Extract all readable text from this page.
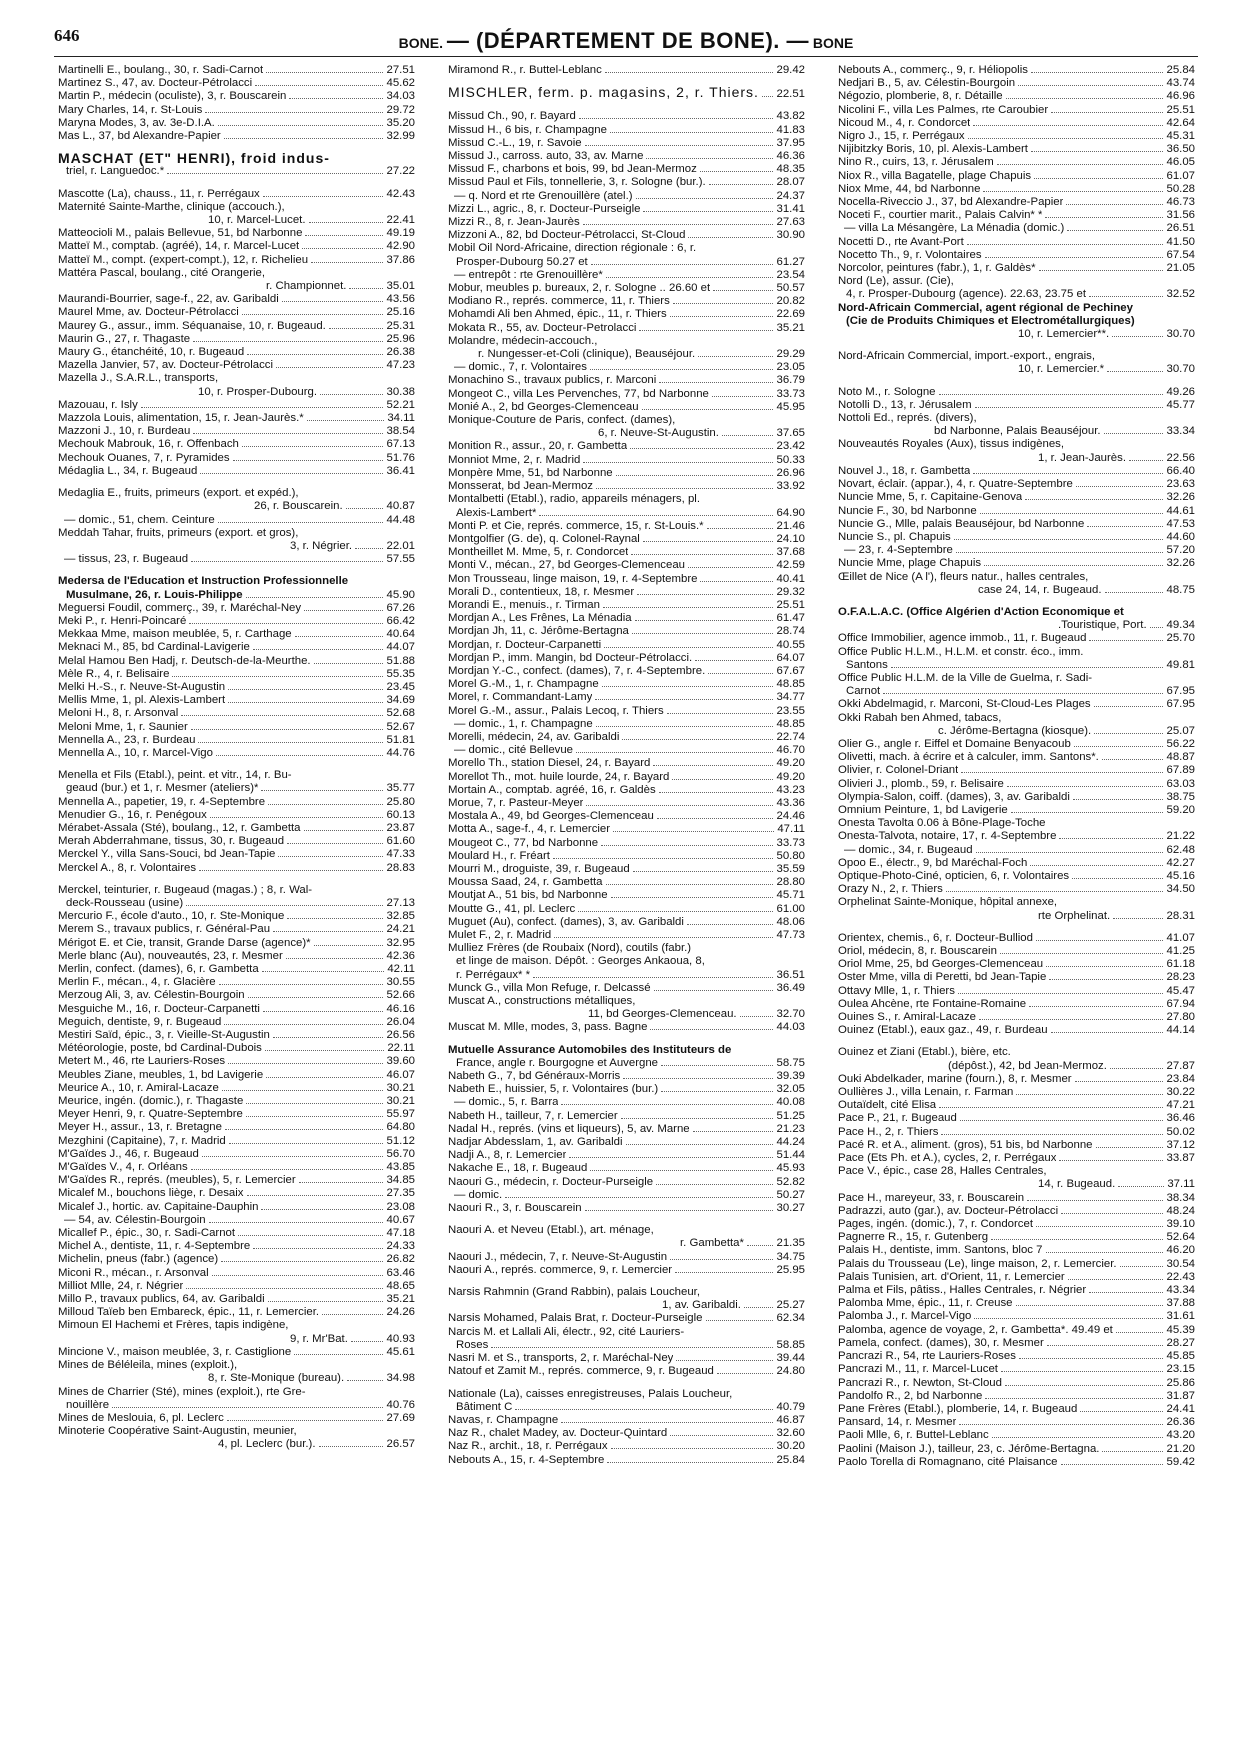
646	BONE. — (DÉPARTEMENT DE BONE). — BONE
Martinelli E., boulang., 30, r. Sadi-Carnot	27.51
Martinez S., 47, av. Docteur-Pétrolacci	45.62
Martin P., médecin (oculiste), 3, r. Bouscarein	34.03
Mary Charles, 14, r. St-Louis	29.72
Maryna Modes, 3, av. 3e-D.I.A.	35.20
Mas L., 37, bd Alexandre-Papier	32.99
MASCHAT (ET" HENRI), froid indus-
triel, r. Languedoc.*	27.22
Mascotte (La), chauss., 11, r. Perrégaux	42.43
Maternité Sainte-Marthe, clinique (accouch.),
10, r. Marcel-Lucet.	22.41
Matteocioli M., palais Bellevue, 51, bd Narbonne	49.19
Matteï M., comptab. (agréé), 14, r. Marcel-Lucet	42.90
Matteï M., compt. (expert-compt.), 12, r. Richelieu	37.86
Mattéra Pascal, boulang., cité Orangerie,
r. Championnet.	35.01
Maurandi-Bourrier, sage-f., 22, av. Garibaldi	43.56
Maurel Mme, av. Docteur-Pétrolacci	25.16
Maurey G., assur., imm. Séquanaise, 10, r. Bugeaud.	25.31
Maurin G., 27, r. Thagaste	25.96
Maury G., étanchéité, 10, r. Bugeaud	26.38
Mazella Janvier, 57, av. Docteur-Pétrolacci	47.23
Mazella J., S.A.R.L., transports,
10, r. Prosper-Dubourg.	30.38
Mazouau, r. Isly	52.21
Mazzola Louis, alimentation, 15, r. Jean-Jaurès.*	34.11
Mazzoni J., 10, r. Burdeau	38.54
Mechouk Mabrouk, 16, r. Offenbach	67.13
Mechouk Ouanes, 7, r. Pyramides	51.76
Médaglia L., 34, r. Bugeaud	36.41
Medaglia E., fruits, primeurs (export. et expéd.),
26, r. Bouscarein.	40.87
— domic., 51, chem. Ceinture	44.48
Meddah Tahar, fruits, primeurs (export. et gros),
3, r. Négrier.	22.01
— tissus, 23, r. Bugeaud	57.55
Medersa de l'Education et Instruction Professionnelle
Musulmane, 26, r. Louis-Philippe	45.90
Meguersi Foudil, commerç., 39, r. Maréchal-Ney	67.26
Meki P., r. Henri-Poincaré	66.42
Mekkaa Mme, maison meublée, 5, r. Carthage	40.64
Meknaci M., 85, bd Cardinal-Lavigerie	44.07
Melal Hamou Ben Hadj, r. Deutsch-de-la-Meurthe.	51.88
Mèle R., 4, r. Belisaire	55.35
Melki H.-S., r. Neuve-St-Augustin	23.45
Mellis Mme, 1, pl. Alexis-Lambert	34.69
Meloni H., 8, r. Arsonval	52.68
Meloni Mme, 1, r. Saunier	52.67
Mennella A., 23, r. Burdeau	51.81
Mennella A., 10, r. Marcel-Vigo	44.76
Menella et Fils (Etabl.), peint. et vitr., 14, r. Bu-
geaud (bur.) et 1, r. Mesmer (ateliers)*	35.77
Mennella A., papetier, 19, r. 4-Septembre	25.80
Menudier G., 16, r. Penégoux	60.13
Mérabet-Assala (Sté), boulang., 12, r. Gambetta	23.87
Merah Abderrahmane, tissus, 30, r. Bugeaud	61.60
Merckel Y., villa Sans-Souci, bd Jean-Tapie	47.33
Merckel A., 8, r. Volontaires	28.83
Merckel, teinturier, r. Bugeaud (magas.) ; 8, r. Wal-
deck-Rousseau (usine)	27.13
Mercurio F., école d'auto., 10, r. Ste-Monique	32.85
Merem S., travaux publics, r. Général-Pau	24.21
Mérigot E. et Cie, transit, Grande Darse (agence)*	32.95
Merle blanc (Au), nouveautés, 23, r. Mesmer	42.36
Merlin, confect. (dames), 6, r. Gambetta	42.11
Merlin F., mécan., 4, r. Glacière	30.55
Merzoug Ali, 3, av. Célestin-Bourgoin	52.66
Mesguiche M., 16, r. Docteur-Carpanetti	46.16
Meguich, dentiste, 9, r. Bugeaud	26.04
Mestiri Saïd, épic., 3, r. Vieille-St-Augustin	26.56
Météorologie, poste, bd Cardinal-Dubois	22.11
Metert M., 46, rte Lauriers-Roses	39.60
Meubles Ziane, meubles, 1, bd Lavigerie	46.07
Meurice A., 10, r. Amiral-Lacaze	30.21
Meurice, ingén. (domic.), r. Thagaste	30.21
Meyer Henri, 9, r. Quatre-Septembre	55.97
Meyer H., assur., 13, r. Bretagne	64.80
Mezghini (Capitaine), 7, r. Madrid	51.12
M'Gaïdes J., 46, r. Bugeaud	56.70
M'Gaïdes V., 4, r. Orléans	43.85
M'Gaïdes R., représ. (meubles), 5, r. Lemercier	34.85
Micalef M., bouchons liège, r. Desaix	27.35
Micalef J., hortic. av. Capitaine-Dauphin	23.08
— 54, av. Célestin-Bourgoin	40.67
Micallef P., épic., 30, r. Sadi-Carnot	47.18
Michel A., dentiste, 11, r. 4-Septembre	24.33
Michelin, pneus (fabr.) (agence)	26.82
Miconi R., mécan., r. Arsonval	63.46
Milliot Mlle, 24, r. Négrier	48.65
Millo P., travaux publics, 64, av. Garibaldi	35.21
Milloud Taïeb ben Embareck, épic., 11, r. Lemercier.	24.26
Mimoun El Hachemi et Frères, tapis indigène,
9, r. Mr'Bat.	40.93
Mincione V., maison meublée, 3, r. Castiglione	45.61
Mines de Béléleila, mines (exploit.),
8, r. Ste-Monique (bureau).	34.98
Mines de Charrier (Sté), mines (exploit.), rte Gre-
nouillère	40.76
Mines de Meslouia, 6, pl. Leclerc	27.69
Minoterie Coopérative Saint-Augustin, meunier,
4, pl. Leclerc (bur.).	26.57
Miramond R., r. Buttel-Leblanc	29.42
MISCHLER, ferm. p. magasins, 2, r. Thiers. 22.51
Missud Ch., 90, r. Bayard	43.82
Missud H., 6 bis, r. Champagne	41.83
Missud C.-L., 19, r. Savoie	37.95
Missud J., carross. auto, 33, av. Marne	46.36
Missud F., charbons et bois, 99, bd Jean-Mermoz	48.35
Missud Paul et Fils, tonnellerie, 3, r. Sologne (bur.).	28.07
— q. Nord et rte Grenouillère (atel.)	24.37
Mizzi L., agric., 8, r. Docteur-Purseigle	31.41
Mizzi R., 8, r. Jean-Jaurès	27.63
Mizzoni A., 82, bd Docteur-Pétrolacci, St-Cloud	30.90
Mobil Oil Nord-Africaine, direction régionale : 6, r.
Prosper-Dubourg 50.27 et	61.27
— entrepôt : rte Grenouillère*	23.54
Mobur, meubles p. bureaux, 2, r. Sologne .. 26.60 et	50.57
Modiano R., représ. commerce, 11, r. Thiers	20.82
Mohamdi Ali ben Ahmed, épic., 11, r. Thiers	22.69
Mokata R., 55, av. Docteur-Petrolacci	35.21
Molandre, médecin-accouch.,
r. Nungesser-et-Coli (clinique), Beauséjour.	29.29
— domic., 7, r. Volontaires	23.05
Monachino S., travaux publics, r. Marconi	36.79
Mongeot C., villa Les Pervenches, 77, bd Narbonne	33.73
Monié A., 2, bd Georges-Clemenceau	45.95
Monique-Couture de Paris, confect. (dames),
6, r. Neuve-St-Augustin.	37.65
Monition R., assur., 20, r. Gambetta	23.42
Monniot Mme, 2, r. Madrid	50.33
Monpère Mme, 51, bd Narbonne	26.96
Monsserat, bd Jean-Mermoz	33.92
Montalbetti (Etabl.), radio, appareils ménagers, pl.
Alexis-Lambert*	64.90
Monti P. et Cie, représ. commerce, 15, r. St-Louis.*	21.46
Montgolfier (G. de), q. Colonel-Raynal	24.10
Montheillet M. Mme, 5, r. Condorcet	37.68
Monti V., mécan., 27, bd Georges-Clemenceau	42.59
Mon Trousseau, linge maison, 19, r. 4-Septembre	40.41
Morali D., contentieux, 18, r. Mesmer	29.32
Morandi E., menuis., r. Tirman	25.51
Mordjan A., Les Frênes, La Ménadia	61.47
Mordjan Jh, 11, c. Jérôme-Bertagna	28.74
Mordjan, r. Docteur-Carpanetti	40.55
Mordjan P., imm. Mangin, bd Docteur-Pétrolacci.	64.07
Mordjan Y.-C., confect. (dames), 7, r. 4-Septembre.	67.67
Morel G.-M., 1, r. Champagne	48.85
Morel, r. Commandant-Lamy	34.77
Morel G.-M., assur., Palais Lecoq, r. Thiers	23.55
— domic., 1, r. Champagne	48.85
Morelli, médecin, 24, av. Garibaldi	22.74
— domic., cité Bellevue	46.70
Morello Th., station Diesel, 24, r. Bayard	49.20
Morellot Th., mot. huile lourde, 24, r. Bayard	49.20
Mortain A., comptab. agréé, 16, r. Galdès	43.23
Morue, 7, r. Pasteur-Meyer	43.36
Mostala A., 49, bd Georges-Clemenceau	24.46
Motta A., sage-f., 4, r. Lemercier	47.11
Mougeot C., 77, bd Narbonne	33.73
Moulard H., r. Fréart	50.80
Mourri M., droguiste, 39, r. Bugeaud	35.59
Moussa Saad, 24, r. Gambetta	28.80
Moutjat A., 51 bis, bd Narbonne	45.71
Moutte G., 41, pl. Leclerc	61.00
Muguet (Au), confect. (dames), 3, av. Garibaldi	48.06
Mulet F., 2, r. Madrid	47.73
Mulliez Frères (de Roubaix (Nord), coutils (fabr.)
et linge de maison. Dépôt. : Georges Ankaoua, 8,
r. Perrégaux* *	36.51
Munck G., villa Mon Refuge, r. Delcassé	36.49
Muscat A., constructions métalliques,
11, bd Georges-Clemenceau.	32.70
Muscat M. Mlle, modes, 3, pass. Bagne	44.03
Mutuelle Assurance Automobiles des Instituteurs de
France, angle r. Bourgogne et Auvergne	58.75
Nabeth G., 7, bd Généraux-Morris	39.39
Nabeth E., huissier, 5, r. Volontaires (bur.)	32.05
— domic., 5, r. Barra	40.08
Nabeth H., tailleur, 7, r. Lemercier	51.25
Nadal H., représ. (vins et liqueurs), 5, av. Marne	21.23
Nadjar Abdesslam, 1, av. Garibaldi	44.24
Nadji A., 8, r. Lemercier	51.44
Nakache E., 18, r. Bugeaud	45.93
Naouri G., médecin, r. Docteur-Purseigle	52.82
— domic.	50.27
Naouri R., 3, r. Bouscarein	30.27
Naouri A. et Neveu (Etabl.), art. ménage,
r. Gambetta*	21.35
Naouri J., médecin, 7, r. Neuve-St-Augustin	34.75
Naouri A., représ. commerce, 9, r. Lemercier	25.95
Narsis Rahmnin (Grand Rabbin), palais Loucheur,
1, av. Garibaldi.	25.27
Narsis Mohamed, Palais Brat, r. Docteur-Purseigle	62.34
Narcis M. et Lallali Ali, électr., 92, cité Lauriers-
Roses	58.85
Nasri M. et S., transports, 2, r. Maréchal-Ney	39.44
Natouf et Zamit M., représ. commerce, 9, r. Bugeaud	24.80
Nationale (La), caisses enregistreuses, Palais Loucheur,
Bâtiment C	40.79
Navas, r. Champagne	46.87
Naz R., chalet Madey, av. Docteur-Quintard	32.60
Naz R., archit., 18, r. Perrégaux	30.20
Nebouts A., 15, r. 4-Septembre	25.84
Nebouts A., commerç., 9, r. Héliopolis	25.84
Nedjari B., 5, av. Célestin-Bourgoin	43.74
Négozio, plomberie, 8, r. Détaille	46.96
Nicolini F., villa Les Palmes, rte Caroubier	25.51
Nicoud M., 4, r. Condorcet	42.64
Nigro J., 15, r. Perrégaux	45.31
Nijibitzky Boris, 10, pl. Alexis-Lambert	36.50
Nino R., cuirs, 13, r. Jérusalem	46.05
Niox R., villa Bagatelle, plage Chapuis	61.07
Niox Mme, 44, bd Narbonne	50.28
Nocella-Riveccio J., 37, bd Alexandre-Papier	46.73
Noceti F., courtier marit., Palais Calvin* *	31.56
— villa La Mésangère, La Ménadia (domic.)	26.51
Nocetti D., rte Avant-Port	41.50
Nocetto Th., 9, r. Volontaires	67.54
Norcolor, peintures (fabr.), 1, r. Galdès*	21.05
Nord (Le), assur. (Cie),
4, r. Prosper-Dubourg (agence). 22.63, 23.75 et	32.52
Nord-Africain Commercial, agent régional de Pechiney
(Cie de Produits Chimiques et Electrométallurgiques)
10, r. Lemercier**.	30.70
Nord-Africain Commercial, import.-export., engrais,
10, r. Lemercier.*	30.70
Noto M., r. Sologne	49.26
Notolli D., 13, r. Jérusalem	45.77
Nottoli Ed., représ. (divers),
bd Narbonne, Palais Beauséjour.	33.34
Nouveautés Royales (Aux), tissus indigènes,
1, r. Jean-Jaurès.	22.56
Nouvel J., 18, r. Gambetta	66.40
Novart, éclair. (appar.), 4, r. Quatre-Septembre	23.63
Nuncie Mme, 5, r. Capitaine-Genova	32.26
Nuncie F., 30, bd Narbonne	44.61
Nuncie G., Mlle, palais Beauséjour, bd Narbonne	47.53
Nuncie S., pl. Chapuis	44.60
— 23, r. 4-Septembre	57.20
Nuncie Mme, plage Chapuis	32.26
Œillet de Nice (A l'), fleurs natur., halles centrales,
case 24, 14, r. Bugeaud.	48.75
O.F.A.L.A.C. (Office Algérien d'Action Economique et
.Touristique, Port. 49.34
Office Immobilier, agence immob., 11, r. Bugeaud	25.70
Office Public H.L.M., H.L.M. et constr. éco., imm.
Santons	49.81
Office Public H.L.M. de la Ville de Guelma, r. Sadi-
Carnot	67.95
Okki Abdelmagid, r. Marconi, St-Cloud-Les Plages	67.95
Okki Rabah ben Ahmed, tabacs,
c. Jérôme-Bertagna (kiosque).	25.07
Olier G., angle r. Eiffel et Domaine Benyacoub	56.22
Olivetti, mach. à écrire et à calculer, imm. Santons*.	48.87
Olivier, r. Colonel-Driant	67.89
Olivieri J., plomb., 59, r. Belisaire	63.03
Olympia-Salon, coiff. (dames), 3, av. Garibaldi	38.75
Omnium Peinture, 1, bd Lavigerie	59.20
Onesta Tavolta 0.06 à Bône-Plage-Toche
Onesta-Talvota, notaire, 17, r. 4-Septembre	21.22
— domic., 34, r. Bugeaud	62.48
Opoo E., électr., 9, bd Maréchal-Foch	42.27
Optique-Photo-Ciné, opticien, 6, r. Volontaires	45.16
Orazy N., 2, r. Thiers	34.50
Orphelinat Sainte-Monique, hôpital annexe,
rte Orphelinat.	28.31
Orientex, chemis., 6, r. Docteur-Bulliod	41.07
Oriol, médecin, 8, r. Bouscarein	41.25
Oriol Mme, 25, bd Georges-Clemenceau	61.18
Oster Mme, villa di Peretti, bd Jean-Tapie	28.23
Ottavy Mlle, 1, r. Thiers	45.47
Oulea Ahcène, rte Fontaine-Romaine	67.94
Ouines S., r. Amiral-Lacaze	27.80
Ouinez (Etabl.), eaux gaz., 49, r. Burdeau	44.14
Ouinez et Ziani (Etabl.), bière, etc.
(dépôst.), 42, bd Jean-Mermoz.	27.87
Ouki Abdelkader, marine (fourn.), 8, r. Mesmer	23.84
Oullières J., villa Lenain, r. Farman	30.22
Outaïdelt, cité Elisa	47.21
Pace P., 21, r. Bugeaud	36.46
Pace H., 2, r. Thiers	50.02
Pacé R. et A., aliment. (gros), 51 bis, bd Narbonne	37.12
Pace (Ets Ph. et A.), cycles, 2, r. Perrégaux	33.87
Pace V., épic., case 28, Halles Centrales,
14, r. Bugeaud.	37.11
Pace H., mareyeur, 33, r. Bouscarein	38.34
Padrazzi, auto (gar.), av. Docteur-Pétrolacci	48.24
Pages, ingén. (domic.), 7, r. Condorcet	39.10
Pagnerre R., 15, r. Gutenberg	52.64
Palais H., dentiste, imm. Santons, bloc 7	46.20
Palais du Trousseau (Le), linge maison, 2, r. Lemercier.	30.54
Palais Tunisien, art. d'Orient, 11, r. Lemercier	22.43
Palma et Fils, pâtiss., Halles Centrales, r. Négrier	43.34
Palomba Mme, épic., 11, r. Creuse	37.88
Palomba J., r. Marcel-Vigo	31.61
Palomba, agence de voyage, 2, r. Gambetta*. 49.49 et	45.39
Pamela, confect. (dames), 30, r. Mesmer	28.27
Pancrazi R., 54, rte Lauriers-Roses	45.85
Pancrazi M., 11, r. Marcel-Lucet	23.15
Pancrazi R., r. Newton, St-Cloud	25.86
Pandolfo R., 2, bd Narbonne	31.87
Pane Frères (Etabl.), plomberie, 14, r. Bugeaud	24.41
Pansard, 14, r. Mesmer	26.36
Paoli Mlle, 6, r. Buttel-Leblanc	43.20
Paolini (Maison J.), tailleur, 23, c. Jérôme-Bertagna.	21.20
Paolo Torella di Romagnano, cité Plaisance	59.42
